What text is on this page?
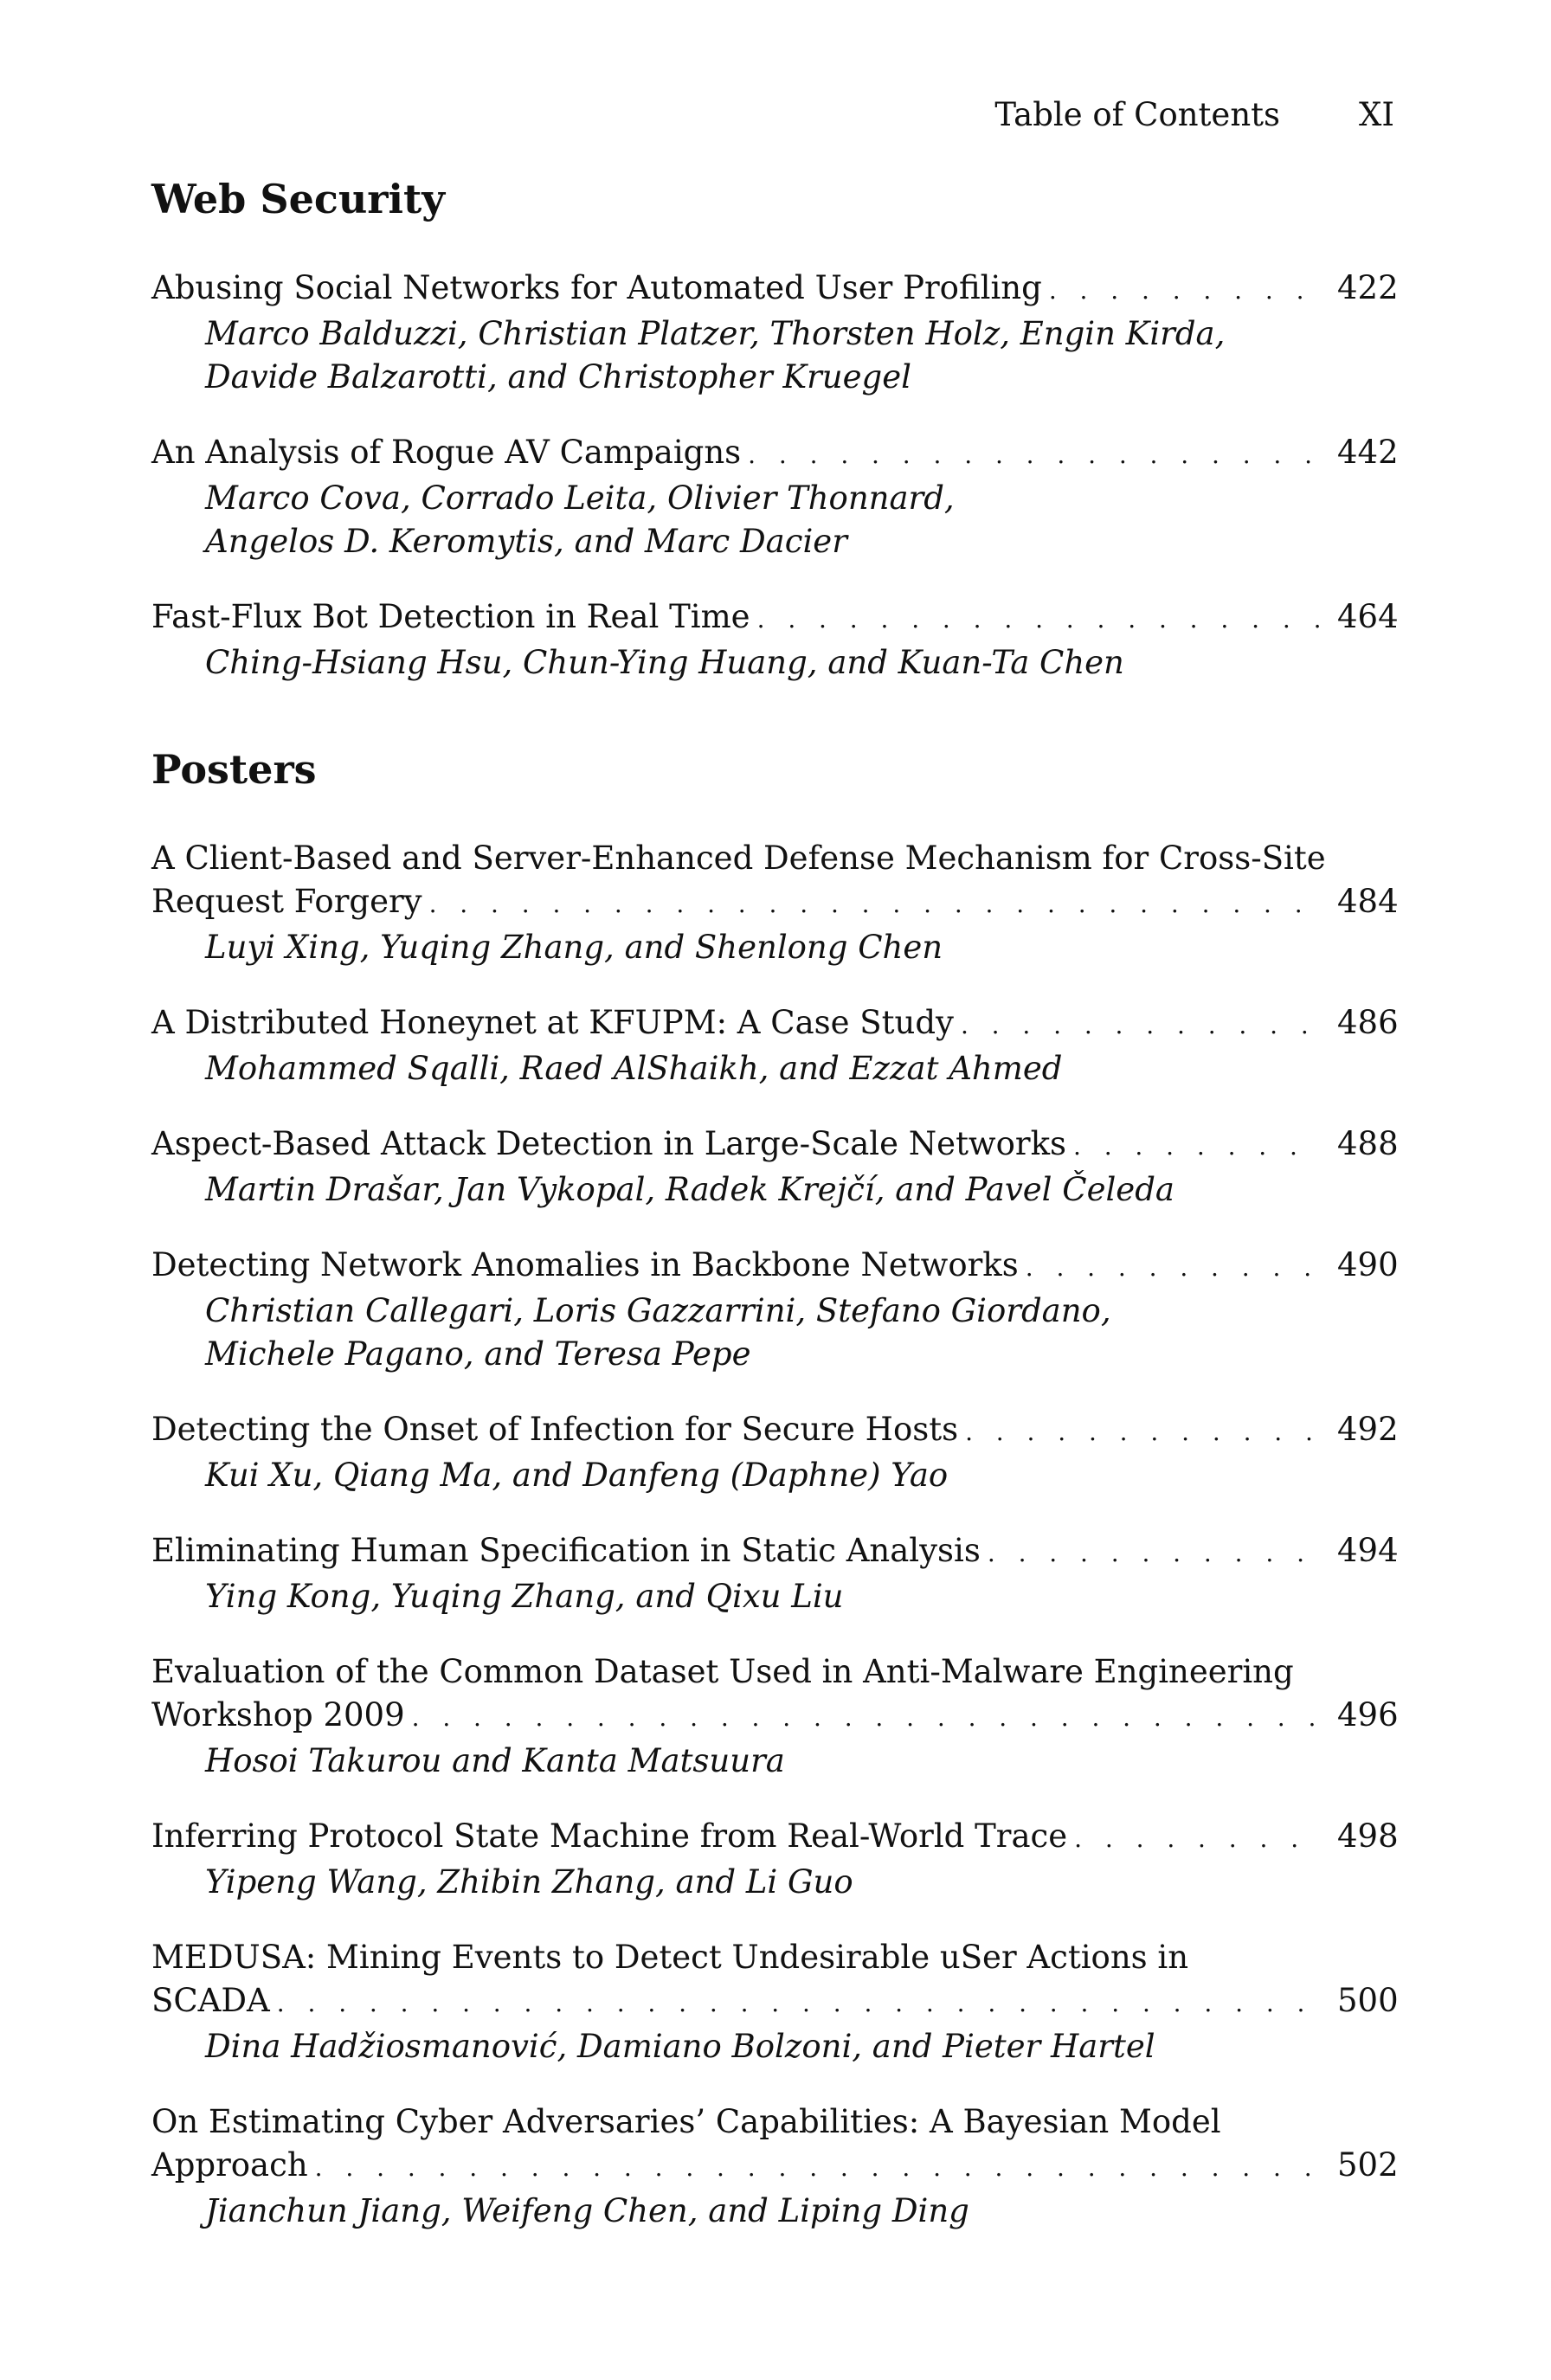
Table of Contents XI
Web Security
Abusing Social Networks for Automated User Profiling . . .	422
Marco Balduzzi, Christian Platzer, Thorsten Holz, Engin Kirda,
Davide Balzarotti, and Christopher Kruegel
An Analysis of Rogue AV Campaigns . . .	442
Marco Cova, Corrado Leita, Olivier Thonnard,
Angelos D. Keromytis, and Marc Dacier
Fast-Flux Bot Detection in Real Time . . .	464
Ching-Hsiang Hsu, Chun-Ying Huang, and Kuan-Ta Chen
Posters
A Client-Based and Server-Enhanced Defense Mechanism for Cross-Site
Request Forgery . . .	484
Luyi Xing, Yuqing Zhang, and Shenlong Chen
A Distributed Honeynet at KFUPM: A Case Study . . .	486
Mohammed Sqalli, Raed AlShaikh, and Ezzat Ahmed
Aspect-Based Attack Detection in Large-Scale Networks . . .	488
Martin Drašar, Jan Vykopal, Radek Krejčí, and Pavel Čeleda
Detecting Network Anomalies in Backbone Networks . . .	490
Christian Callegari, Loris Gazzarrini, Stefano Giordano,
Michele Pagano, and Teresa Pepe
Detecting the Onset of Infection for Secure Hosts . . .	492
Kui Xu, Qiang Ma, and Danfeng (Daphne) Yao
Eliminating Human Specification in Static Analysis . . .	494
Ying Kong, Yuqing Zhang, and Qixu Liu
Evaluation of the Common Dataset Used in Anti-Malware Engineering
Workshop 2009 . . .	496
Hosoi Takurou and Kanta Matsuura
Inferring Protocol State Machine from Real-World Trace . . .	498
Yipeng Wang, Zhibin Zhang, and Li Guo
MEDUSA: Mining Events to Detect Undesirable uSer Actions in
SCADA . . .	500
Dina Hadžiosmanović, Damiano Bolzoni, and Pieter Hartel
On Estimating Cyber Adversaries’ Capabilities: A Bayesian Model
Approach . . .	502
Jianchun Jiang, Weifeng Chen, and Liping Ding
